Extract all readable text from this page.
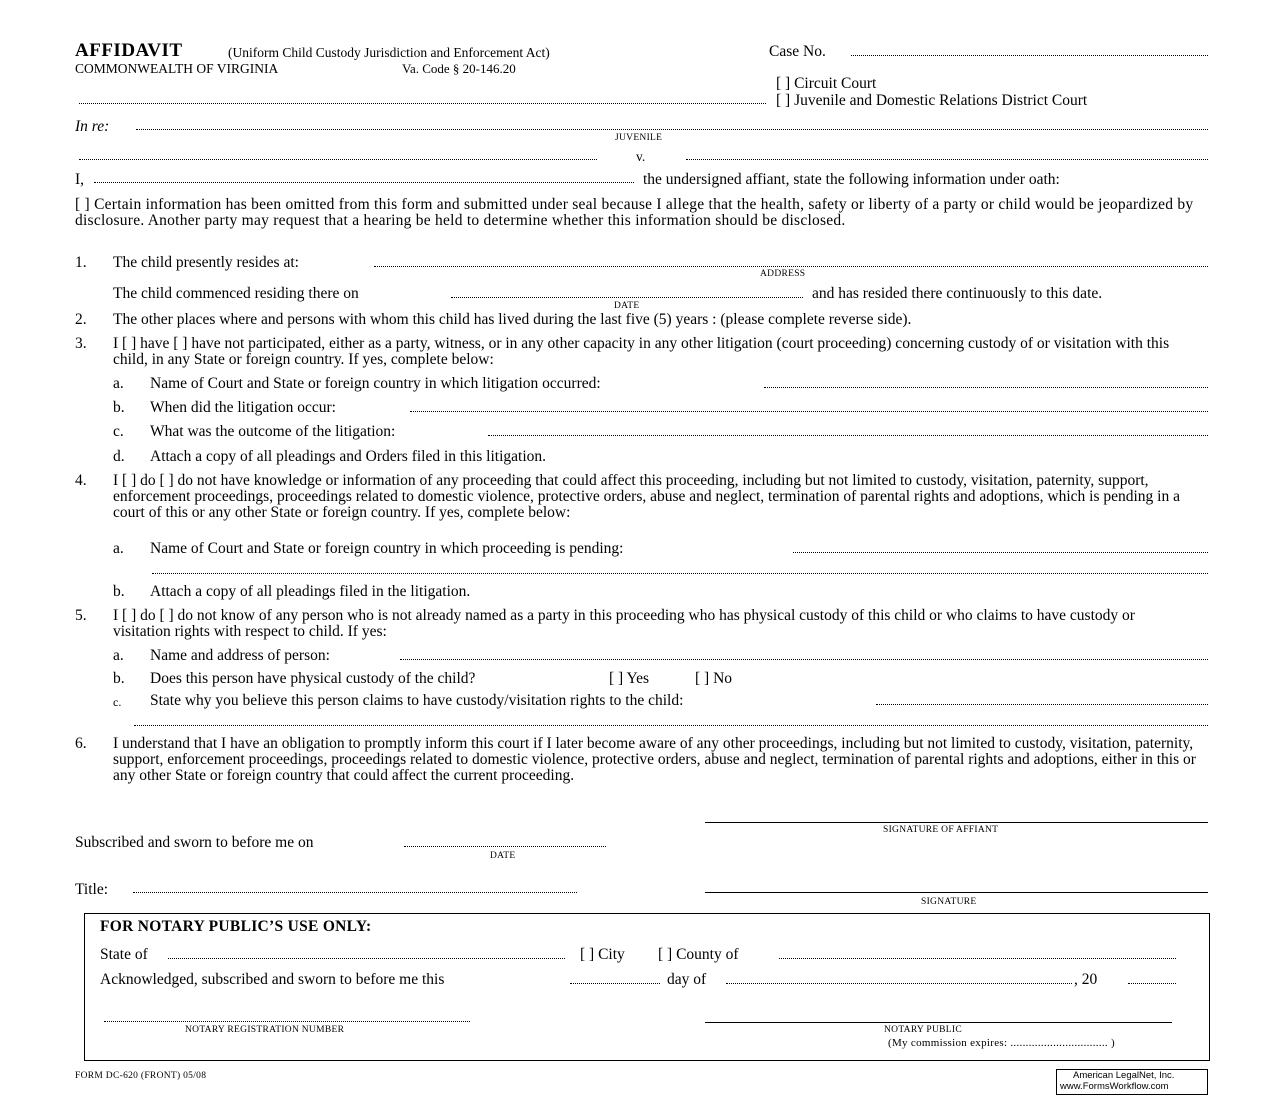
AFFIDAVIT	(Uniform Child Custody Jurisdiction and Enforcement Act)
COMMONWEALTH OF VIRGINIA	Va. Code § 20-146.20
Case No.
[ ] Circuit Court
[ ] Juvenile and Domestic Relations District Court
In re:
JUVENILE
v.
I,	the undersigned affiant, state the following information under oath:
[ ] Certain information has been omitted from this form and submitted under seal because I allege that the health, safety or liberty of a party or child would be jeopardized by disclosure. Another party may request that a hearing be held to determine whether this information should be disclosed.
1. The child presently resides at:
ADDRESS
The child commenced residing there on
DATE
and has resided there continuously to this date.
2. The other places where and persons with whom this child has lived during the last five (5) years : (please complete reverse side).
3. I [ ] have [ ] have not participated, either as a party, witness, or in any other capacity in any other litigation (court proceeding) concerning custody of or visitation with this child, in any State or foreign country. If yes, complete below:
a. Name of Court and State or foreign country in which litigation occurred:
b. When did the litigation occur:
c. What was the outcome of the litigation:
d. Attach a copy of all pleadings and Orders filed in this litigation.
4. I [ ] do [ ] do not have knowledge or information of any proceeding that could affect this proceeding, including but not limited to custody, visitation, paternity, support, enforcement proceedings, proceedings related to domestic violence, protective orders, abuse and neglect, termination of parental rights and adoptions, which is pending in a court of this or any other State or foreign country. If yes, complete below:
a. Name of Court and State or foreign country in which proceeding is pending:
b. Attach a copy of all pleadings filed in the litigation.
5. I [ ] do [ ] do not know of any person who is not already named as a party in this proceeding who has physical custody of this child or who claims to have custody or visitation rights with respect to child. If yes:
a. Name and address of person:
b. Does this person have physical custody of the child?	[ ] Yes	[ ] No
c. State why you believe this person claims to have custody/visitation rights to the child:
6. I understand that I have an obligation to promptly inform this court if I later become aware of any other proceedings, including but not limited to custody, visitation, paternity, support, enforcement proceedings, proceedings related to domestic violence, protective orders, abuse and neglect, termination of parental rights and adoptions, either in this or any other State or foreign country that could affect the current proceeding.
SIGNATURE OF AFFIANT
Subscribed and sworn to before me on
DATE
Title:
SIGNATURE
FOR NOTARY PUBLIC’S USE ONLY:
State of	[ ] City [ ] County of
Acknowledged, subscribed and sworn to before me this	day of	, 20
NOTARY REGISTRATION NUMBER	NOTARY PUBLIC
(My commission expires: ................................ )
FORM DC-620 (FRONT) 05/08	American LegalNet, Inc.
www.FormsWorkflow.com
